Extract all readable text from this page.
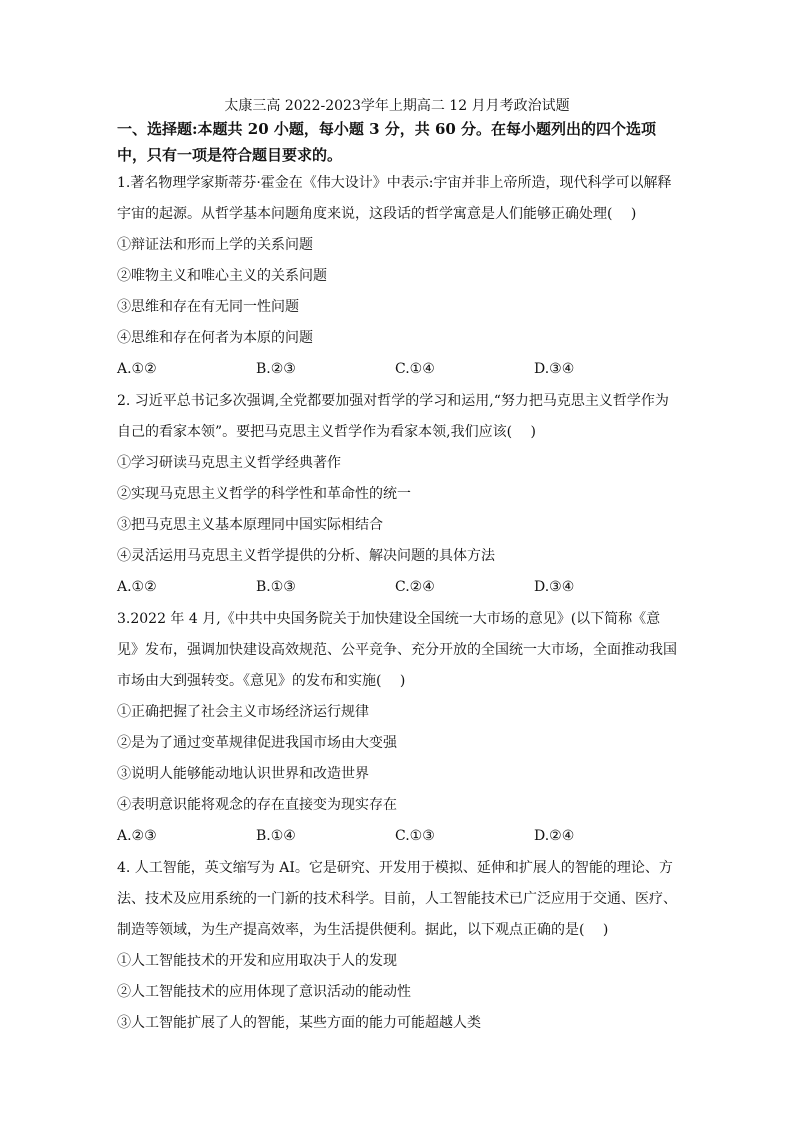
太康三高 2022-2023学年上期高二 12 月月考政治试题

一、选择题:本题共 20 小题，每小题 3 分，共 60 分。在每小题列出的四个选项中，只有一项是符合题目要求的。

1.著名物理学家斯蒂芬·霍金在《伟大设计》中表示:宇宙并非上帝所造，现代科学可以解释宇宙的起源。从哲学基本问题角度来说，这段话的哲学寓意是人们能够正确处理(　 )

①辩证法和形而上学的关系问题

②唯物主义和唯心主义的关系问题

③思维和存在有无同一性问题

④思维和存在何者为本原的问题

A.①②	B.②③	C.①④	D.③④

2. 习近平总书记多次强调,全党都要加强对哲学的学习和运用,“努力把马克思主义哲学作为自己的看家本领”。要把马克思主义哲学作为看家本领,我们应该(　 )

①学习研读马克思主义哲学经典著作

②实现马克思主义哲学的科学性和革命性的统一

③把马克思主义基本原理同中国实际相结合

④灵活运用马克思主义哲学提供的分析、解决问题的具体方法

A.①②	B.①③	C.②④	D.③④

3.2022 年 4 月,《中共中央国务院关于加快建设全国统一大市场的意见》(以下简称《意见》发布，强调加快建设高效规范、公平竞争、充分开放的全国统一大市场，全面推动我国市场由大到强转变。《意见》的发布和实施(　 )

①正确把握了社会主义市场经济运行规律

②是为了通过变革规律促进我国市场由大变强

③说明人能够能动地认识世界和改造世界

④表明意识能将观念的存在直接变为现实存在

A.②③	B.①④	C.①③	D.②④

4. 人工智能，英文缩写为 AI。它是研究、开发用于模拟、延伸和扩展人的智能的理论、方法、技术及应用系统的一门新的技术科学。目前，人工智能技术已广泛应用于交通、医疗、制造等领域，为生产提高效率，为生活提供便利。据此，以下观点正确的是(　 )

①人工智能技术的开发和应用取决于人的发现

②人工智能技术的应用体现了意识活动的能动性

③人工智能扩展了人的智能，某些方面的能力可能超越人类
